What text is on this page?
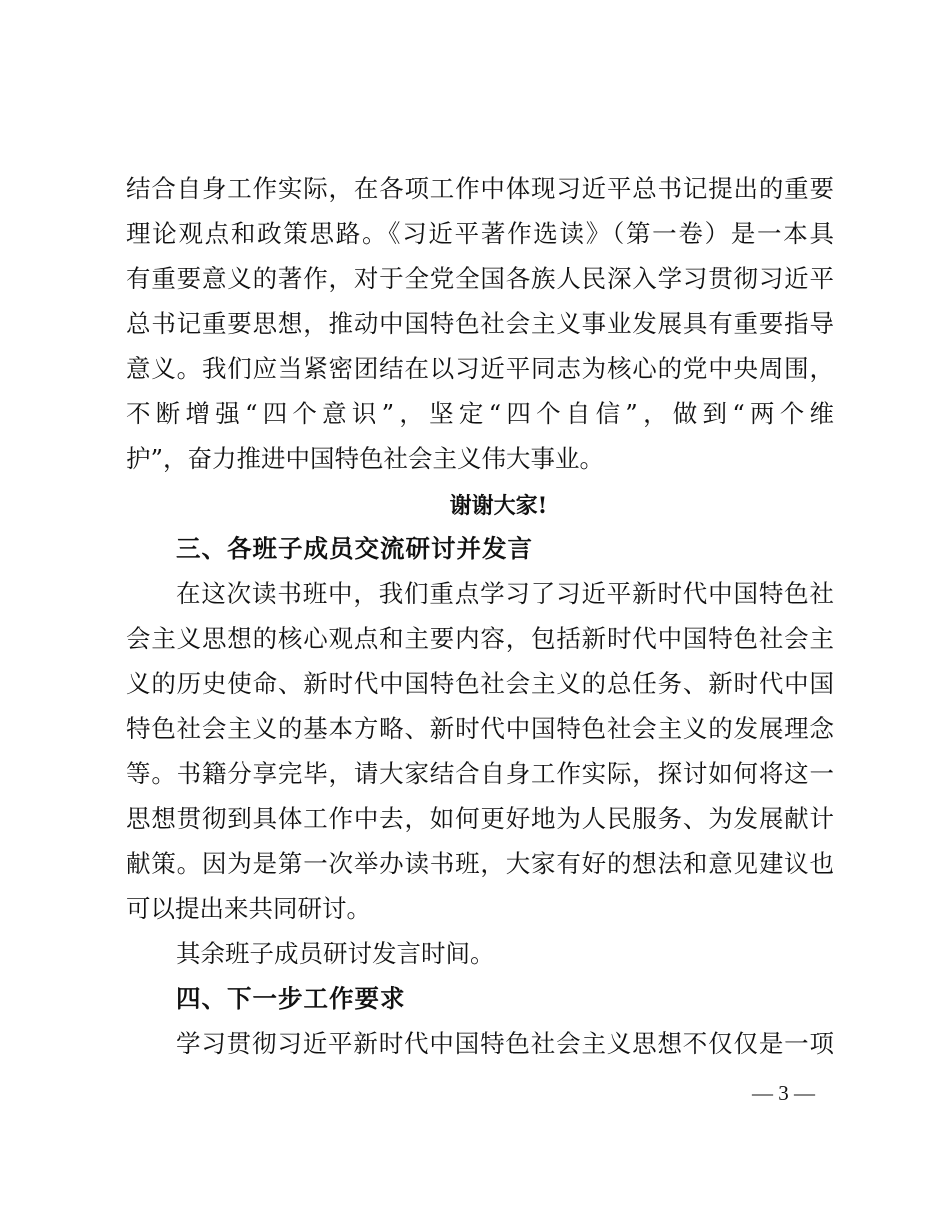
结合自身工作实际，在各项工作中体现习近平总书记提出的重要
理论观点和政策思路。《习近平著作选读》（第一卷）是一本具
有重要意义的著作，对于全党全国各族人民深入学习贯彻习近平
总书记重要思想，推动中国特色社会主义事业发展具有重要指导
意义。我们应当紧密团结在以习近平同志为核心的党中央周围，
不断增强“四个意识”，坚定“四个自信”，做到“两个维
护”，奋力推进中国特色社会主义伟大事业。
谢谢大家!
三、各班子成员交流研讨并发言
在这次读书班中，我们重点学习了习近平新时代中国特色社
会主义思想的核心观点和主要内容，包括新时代中国特色社会主
义的历史使命、新时代中国特色社会主义的总任务、新时代中国
特色社会主义的基本方略、新时代中国特色社会主义的发展理念
等。书籍分享完毕，请大家结合自身工作实际，探讨如何将这一
思想贯彻到具体工作中去，如何更好地为人民服务、为发展献计
献策。因为是第一次举办读书班，大家有好的想法和意见建议也
可以提出来共同研讨。
其余班子成员研讨发言时间。
四、下一步工作要求
学习贯彻习近平新时代中国特色社会主义思想不仅仅是一项
— 3 —
